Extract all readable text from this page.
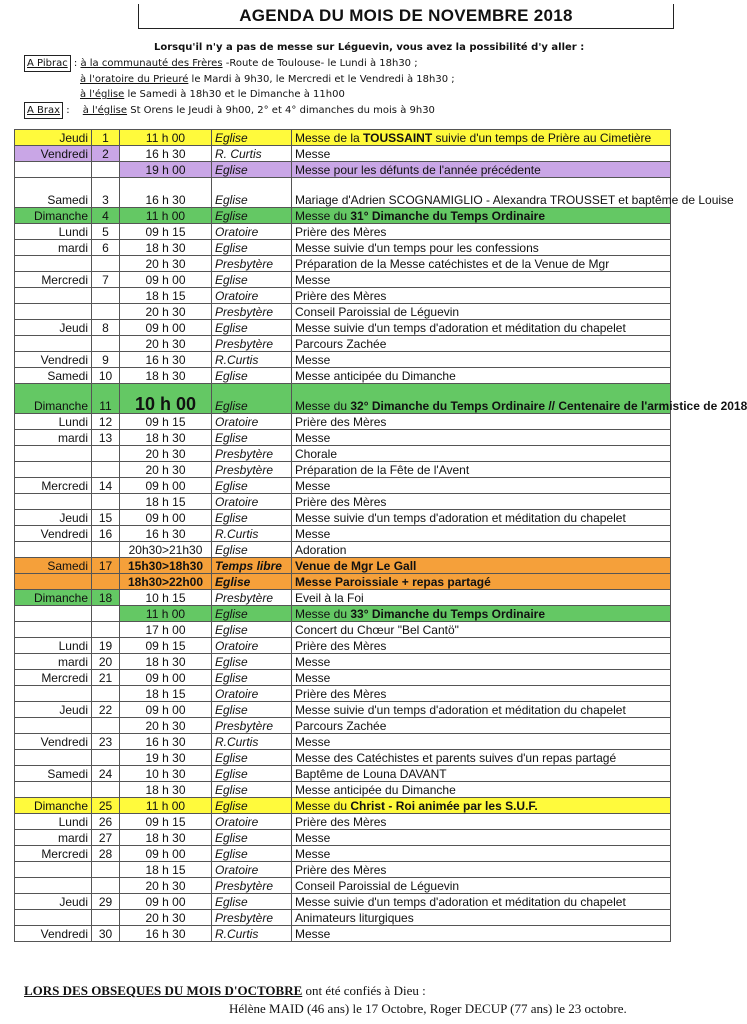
AGENDA DU MOIS DE NOVEMBRE 2018
Lorsqu'il n'y a pas de messe sur Léguevin, vous avez la possibilité d'y aller :
A Pibrac : à la communauté des Frères -Route de Toulouse- le Lundi à 18h30 ;
à l'oratoire du Prieuré le Mardi à 9h30, le Mercredi et le Vendredi à 18h30 ;
à l'église le Samedi à 18h30 et le Dimanche à 11h00
A Brax : à l'église St Orens le Jeudi à 9h00, 2° et 4° dimanches du mois à 9h30
Jeudi	1	11 h 00	Eglise	Messe de la TOUSSAINT suivie d'un temps de Prière au Cimetière
Vendredi	2	16 h 30	R. Curtis	Messe
		19 h 00	Eglise	Messe pour les défunts de l'année précédente
Samedi	3	16 h 30	Eglise	Mariage d'Adrien SCOGNAMIGLIO - Alexandra TROUSSET et baptême de Louise
Dimanche	4	11 h 00	Eglise	Messe du 31° Dimanche du Temps Ordinaire
Lundi	5	09 h 15	Oratoire	Prière des Mères
mardi	6	18 h 30	Eglise	Messe suivie d'un temps pour les confessions
		20 h 30	Presbytère	Préparation de la Messe catéchistes et de la Venue de Mgr
Mercredi	7	09 h 00	Eglise	Messe
		18 h 15	Oratoire	Prière des Mères
		20 h 30	Presbytère	Conseil Paroissial de Léguevin
Jeudi	8	09 h 00	Eglise	Messe suivie d'un temps d'adoration et méditation du chapelet
		20 h 30	Presbytère	Parcours Zachée
Vendredi	9	16 h 30	R.Curtis	Messe
Samedi	10	18 h 30	Eglise	Messe anticipée du Dimanche
Dimanche	11	10 h 00	Eglise	Messe du 32° Dimanche du Temps Ordinaire // Centenaire de l'armistice de 2018
Lundi	12	09 h 15	Oratoire	Prière des Mères
mardi	13	18 h 30	Eglise	Messe
		20 h 30	Presbytère	Chorale
		20 h 30	Presbytère	Préparation de la Fête de l'Avent
Mercredi	14	09 h 00	Eglise	Messe
		18 h 15	Oratoire	Prière des Mères
Jeudi	15	09 h 00	Eglise	Messe suivie d'un temps d'adoration et méditation du chapelet
Vendredi	16	16 h 30	R.Curtis	Messe
		20h30>21h30	Eglise	Adoration
Samedi	17	15h30>18h30	Temps libre	Venue de Mgr Le Gall
		18h30>22h00	Eglise	Messe Paroissiale + repas partagé
Dimanche	18	10 h 15	Presbytère	Eveil à la Foi
		11 h 00	Eglise	Messe du 33° Dimanche du Temps Ordinaire
		17 h 00	Eglise	Concert du Chœur "Bel Cantö"
Lundi	19	09 h 15	Oratoire	Prière des Mères
mardi	20	18 h 30	Eglise	Messe
Mercredi	21	09 h 00	Eglise	Messe
		18 h 15	Oratoire	Prière des Mères
Jeudi	22	09 h 00	Eglise	Messe suivie d'un temps d'adoration et méditation du chapelet
		20 h 30	Presbytère	Parcours Zachée
Vendredi	23	16 h 30	R.Curtis	Messe
		19 h 30	Eglise	Messe des Catéchistes et parents suives d'un repas partagé
Samedi	24	10 h 30	Eglise	Baptême de Louna DAVANT
		18 h 30	Eglise	Messe anticipée du Dimanche
Dimanche	25	11 h 00	Eglise	Messe du Christ - Roi animée par les S.U.F.
Lundi	26	09 h 15	Oratoire	Prière des Mères
mardi	27	18 h 30	Eglise	Messe
Mercredi	28	09 h 00	Eglise	Messe
		18 h 15	Oratoire	Prière des Mères
		20 h 30	Presbytère	Conseil Paroissial de Léguevin
Jeudi	29	09 h 00	Eglise	Messe suivie d'un temps d'adoration et méditation du chapelet
		20 h 30	Presbytère	Animateurs liturgiques
Vendredi	30	16 h 30	R.Curtis	Messe
LORS DES OBSEQUES DU MOIS D'OCTOBRE ont été confiés à Dieu :
Hélène MAID (46 ans) le 17 Octobre, Roger DECUP (77 ans) le 23 octobre.
